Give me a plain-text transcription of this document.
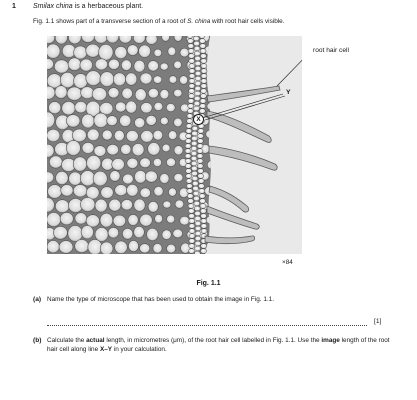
1 Smilax china is a herbaceous plant.
Fig. 1.1 shows part of a transverse section of a root of S. china with root hair cells visible.
root hair cell
Y
X
×84
Fig. 1.1
(a) Name the type of microscope that has been used to obtain the image in Fig. 1.1.
[1]
(b) Calculate the actual length, in micrometres (μm), of the root hair cell labelled in Fig. 1.1. Use the image length of the root hair cell along line X–Y in your calculation.
